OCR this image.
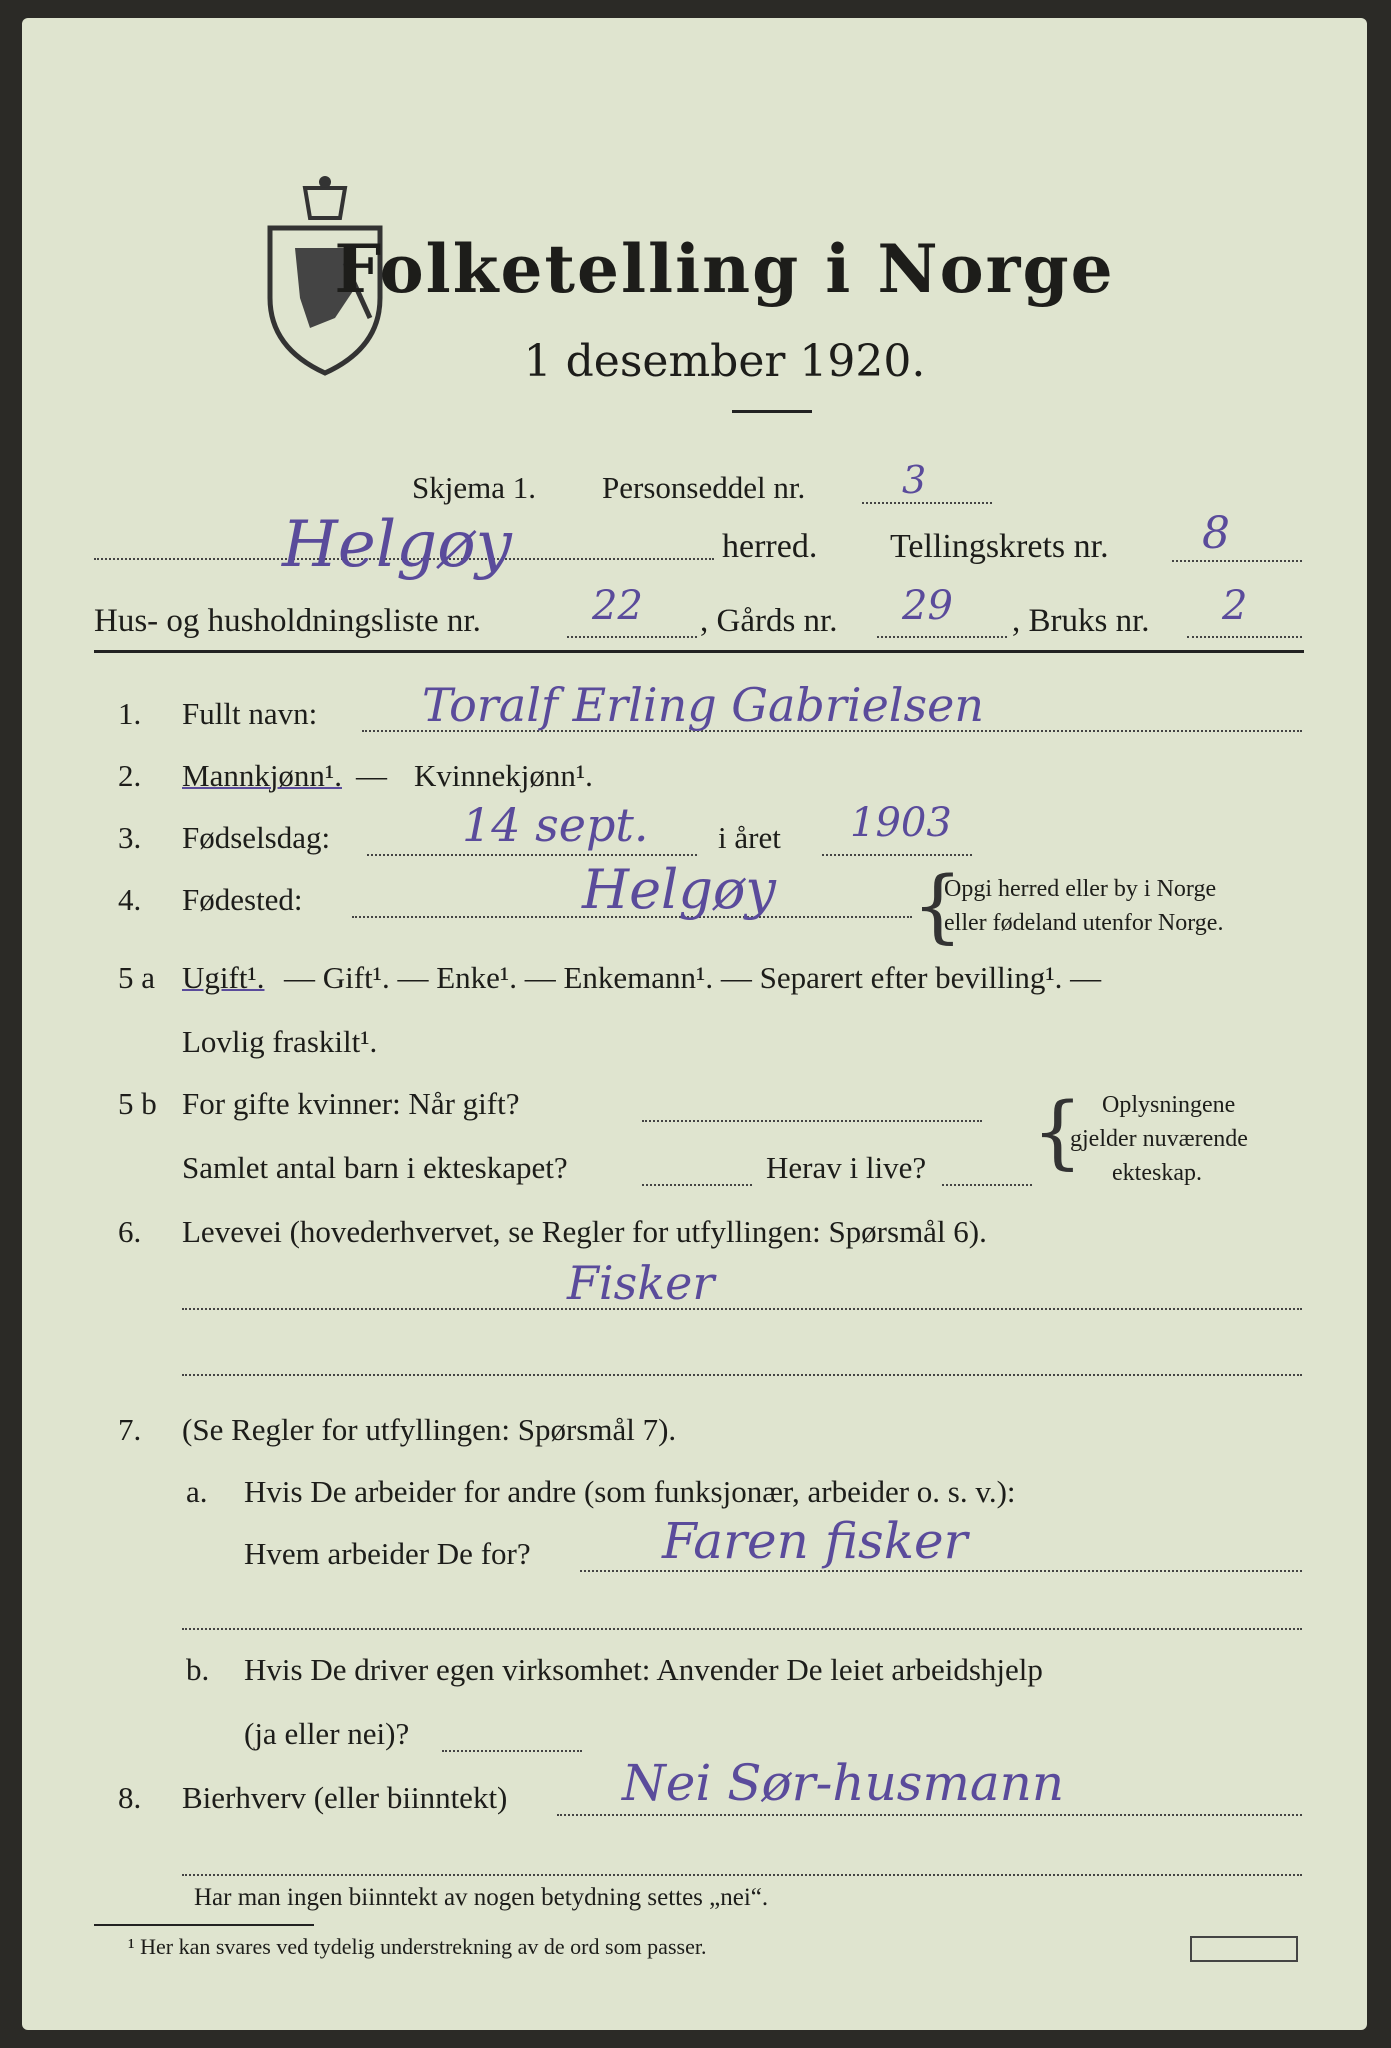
Folketelling i Norge
1 desember 1920.
Skjema 1. Personseddel nr.	3
Helgøy	herred. Tellingskrets nr. 8
Hus- og husholdningsliste nr.	22 , Gårds nr. 29 , Bruks nr. 2
1. Fullt navn: Toralf Erling Gabrielsen
2. Mannkjønn¹. — Kvinnekjønn¹.
3. Fødselsdag:	14 sept. i året 1903
4. Fødested:	Helgøy {
Opgi herred eller by i Norge
eller fødeland utenfor Norge.
5 a Ugift¹. — Gift¹. — Enke¹. — Enkemann¹. — Separert efter bevilling¹. —
Lovlig fraskilt¹.
5 b For gifte kvinner: Når gift?
Samlet antal barn i ekteskapet?	Herav i live? { Oplysningene
gjelder nuværende
ekteskap.
6. Levevei (hovederhvervet, se Regler for utfyllingen: Spørsmål 6).
Fisker
7. (Se Regler for utfyllingen: Spørsmål 7).
a. Hvis De arbeider for andre (som funksjonær, arbeider o. s. v.):
Hvem arbeider De for?	Faren fisker
b. Hvis De driver egen virksomhet: Anvender De leiet arbeidshjelp
(ja eller nei)?
8. Bierhverv (eller biinntekt) Nei Sør-husmann
Har man ingen biinntekt av nogen betydning settes „nei“.
¹ Her kan svares ved tydelig understrekning av de ord som passer.
